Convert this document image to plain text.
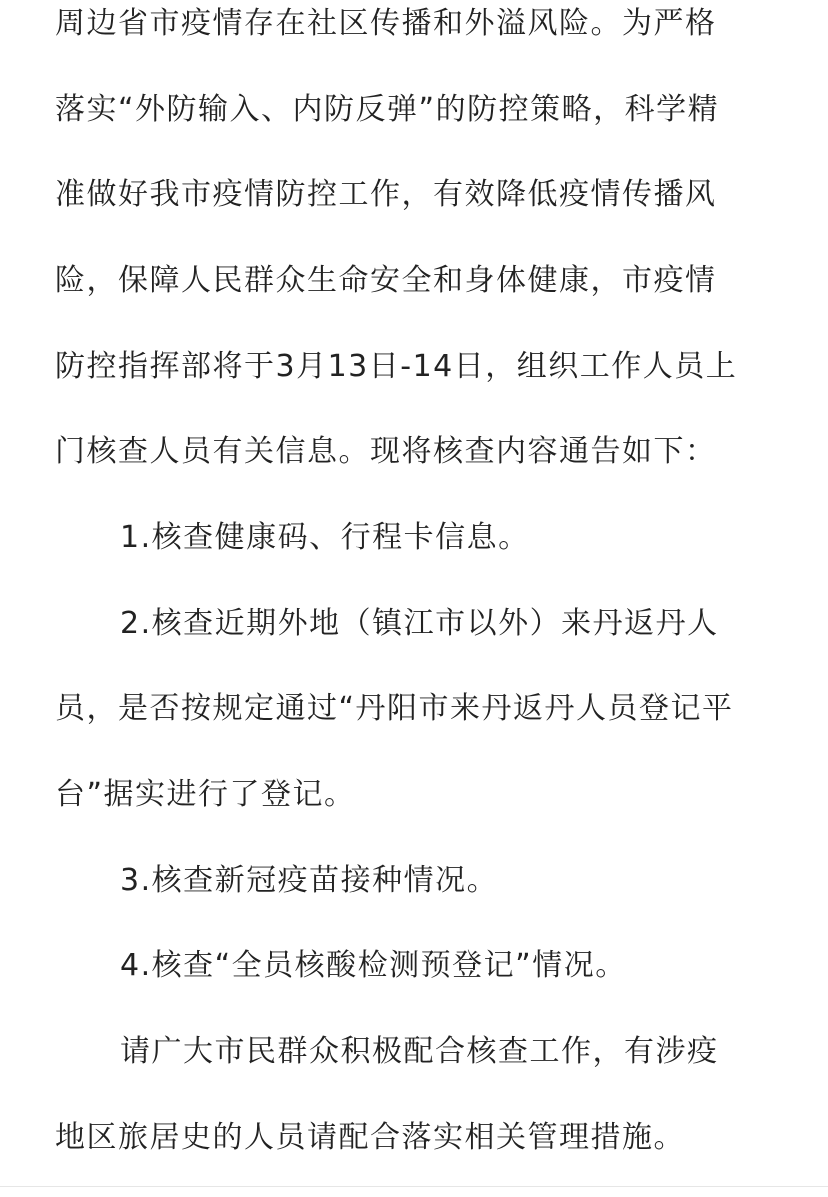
周边省市疫情存在社区传播和外溢风险。为严格
落实“外防输入、内防反弹”的防控策略，科学精
准做好我市疫情防控工作，有效降低疫情传播风
险，保障人民群众生命安全和身体健康，市疫情
防控指挥部将于3月13日-14日，组织工作人员上
门核查人员有关信息。现将核查内容通告如下：
1.核查健康码、行程卡信息。
2.核查近期外地（镇江市以外）来丹返丹人
员，是否按规定通过“丹阳市来丹返丹人员登记平
台”据实进行了登记。
3.核查新冠疫苗接种情况。
4.核查“全员核酸检测预登记”情况。
请广大市民群众积极配合核查工作，有涉疫
地区旅居史的人员请配合落实相关管理措施。
